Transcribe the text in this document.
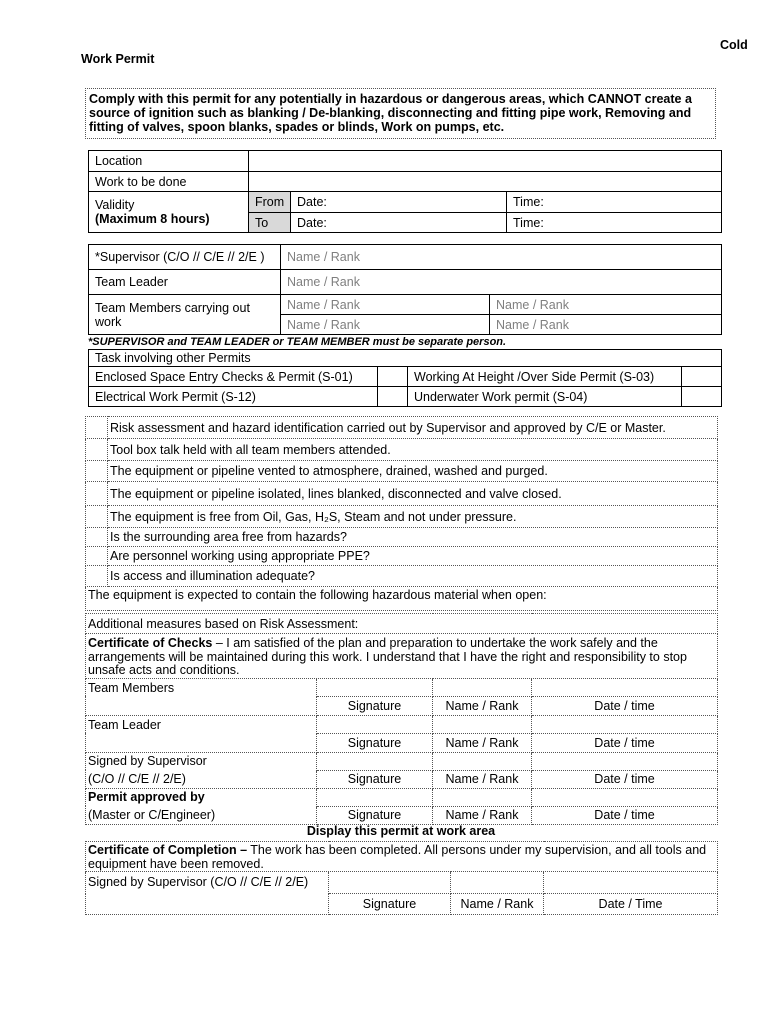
Cold
Work Permit
Comply with this permit for any potentially in hazardous or dangerous areas, which CANNOT create a source of ignition such as blanking / De-blanking, disconnecting and fitting pipe work, Removing and fitting of valves, spoon blanks, spades or blinds, Work on pumps, etc.
Location			
Work to be done			

Validity
(Maximum 8 hours)	From	Date:	Time:
	To	Date:	Time:
*Supervisor (C/O // C/E // 2/E )	Name / Rank	
Team Leader	Name / Rank	
Team Members carrying out work	Name / Rank	Name / Rank
	Name / Rank	Name / Rank
*SUPERVISOR and TEAM LEADER or TEAM MEMBER must be separate person.
Task involving other Permits			
Enclosed Space Entry Checks & Permit (S-01)		Working At Height /Over Side Permit (S-03)	
Electrical Work Permit (S-12)		Underwater Work permit (S-04)	
	Risk assessment and hazard identification carried out by Supervisor and approved by C/E or Master.
	Tool box talk held with all team members attended.
	The equipment or pipeline vented to atmosphere, drained, washed and purged.
	The equipment or pipeline isolated, lines blanked, disconnected and valve closed.
	The equipment is free from Oil, Gas, H₂S, Steam and not under pressure.
	Is the surrounding area free from hazards?
	Are personnel working using appropriate PPE?
	Is access and illumination adequate?
The equipment is expected to contain the following hazardous material when open:	
Additional measures based on Risk Assessment:			
Certificate of Checks – I am satisfied of the plan and preparation to undertake the work safely and the arrangements will be maintained during this work. I understand that I have the right and responsibility to stop unsafe acts and conditions.			
Team Members			
	Signature	Name / Rank	Date / time
Team Leader			
	Signature	Name / Rank	Date / time
Signed by Supervisor			
(C/O // C/E // 2/E)	Signature	Name / Rank	Date / time
Permit approved by			
(Master or C/Engineer)	Signature	Name / Rank	Date / time
Display this permit at work area
Certificate of Completion – The work has been completed. All persons under my supervision, and all tools and equipment have been removed.			
Signed by Supervisor (C/O // C/E // 2/E)			
	Signature	Name / Rank	Date / Time
